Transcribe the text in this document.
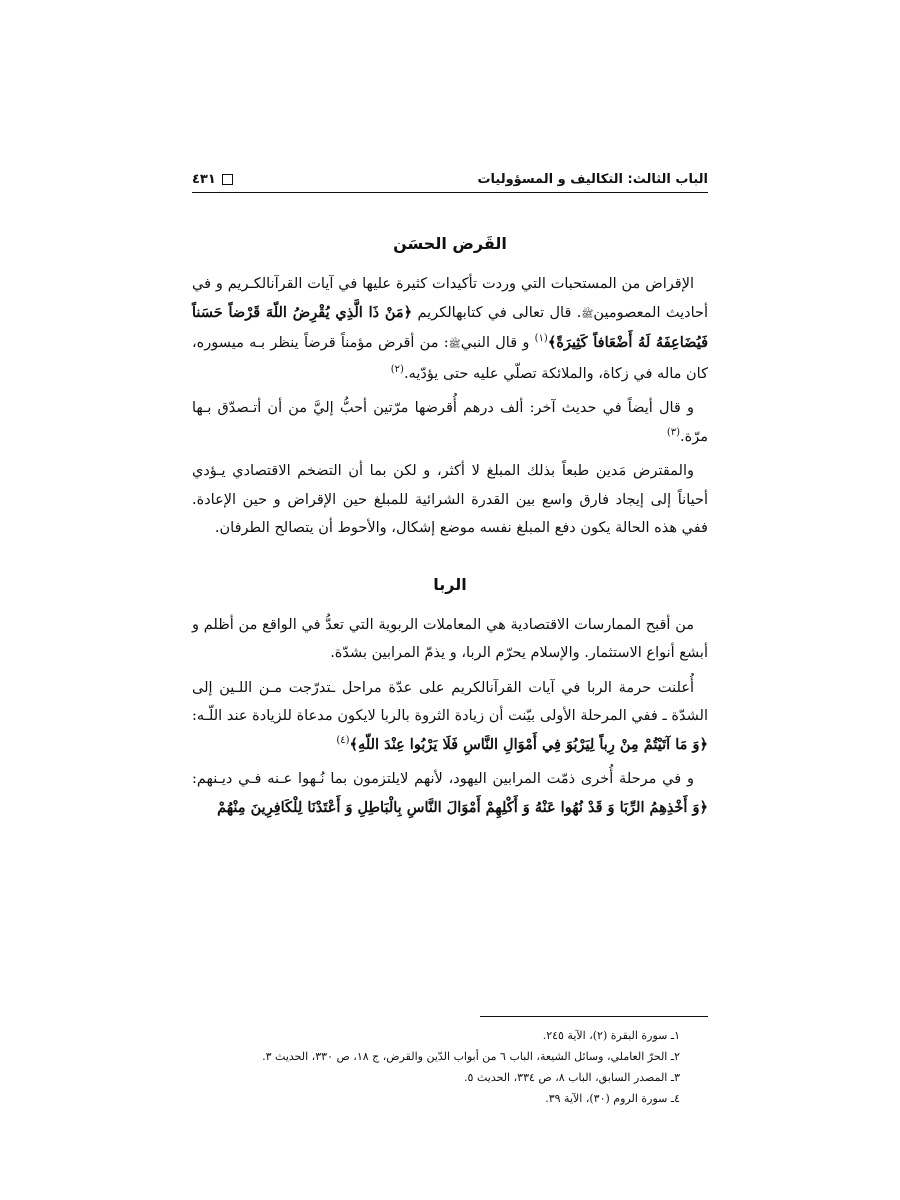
الباب الثالث: التكاليف و المسؤوليات
٤٣١
القَرض الحسَن

الإقراض من المستحبات التي وردت تأكيدات كثيرة عليها في آيات القرآنالكـريم و في أحاديث المعصومينﷺ. قال تعالى في كتابهالكريم ﴿مَنْ ذَا الَّذِي يُقْرِضُ اللّهَ قَرْضاً حَسَناً فَيُضَاعِفَهُ لَهُ أَضْعَافاً كَثِيرَةً﴾$^{(١)}$ و قال النبيﷺ: من أقرض مؤمناً قرضاً ينظر بـه ميسوره، كان ماله في زكاة، والملائكة تصلّي عليه حتى يؤدّيه.$^{(٢)}$

و قال أيضاً في حديث آخر: ألف درهم أُقرضها مرّتين أحبُّ إليَّ من أن أتـصدّق بـها مرّة.$^{(٣)}$

والمقترض مَدين طبعاً بذلك المبلغ لا أكثر، و لكن بما أن التضخم الاقتصادي يـؤدي أحياناً إلى إيجاد فارق واسع بين القدرة الشرائية للمبلغ حين الإقراض و حين الإعادة. ففي هذه الحالة يكون دفع المبلغ نفسه موضع إشكال، والأحوط أن يتصالح الطرفان.

الربا

من أقبح الممارسات الاقتصادية هي المعاملات الربوية التي تعدُّ في الواقع من أظلم و أبشع أنواع الاستثمار. والإسلام يحرّم الربا، و يذمّ المرابين بشدّة.

أُعلنت حرمة الربا في آيات القرآنالكريم على عدّة مراحل ـتدرّجت مـن اللـين إلى الشدّة ـ ففي المرحلة الأولى بيّنت أن زيادة الثروة بالربا لايكون مدعاة للزيادة عند اللّـه: ﴿وَ مَا آتَيْتُمْ مِنْ رِباً لِيَرْبُوَ فِي أَمْوَالِ النَّاسِ فَلَا يَرْبُوا عِنْدَ اللّهِ﴾$^{(٤)}$

و في مرحلة أُخرى ذمّت المرابين اليهود، لأنهم لايلتزمون بما نُـهوا عـنه فـي ديـنهم: ﴿وَ أَخْذِهِمُ الرِّبَا وَ قَدْ نُهُوا عَنْهُ وَ أَكْلِهِمْ أَمْوَالَ النَّاسِ بِالْبَاطِلِ وَ أَعْتَدْنَا لِلْكَافِرِينَ مِنْهُمْ

١ـ سورة البقرة (٢)، الآية ٢٤٥.

٢ـ الحرّ العاملي، وسائل الشيعة، الباب ٦ من أبواب الدّين والقرض، ج ١٨، ص ٣٣٠، الحديث ٣.

٣ـ المصدر السابق، الباب ٨، ص ٣٣٤، الحديث ٥.

٤ـ سورة الروم (٣٠)، الآية ٣٩.
